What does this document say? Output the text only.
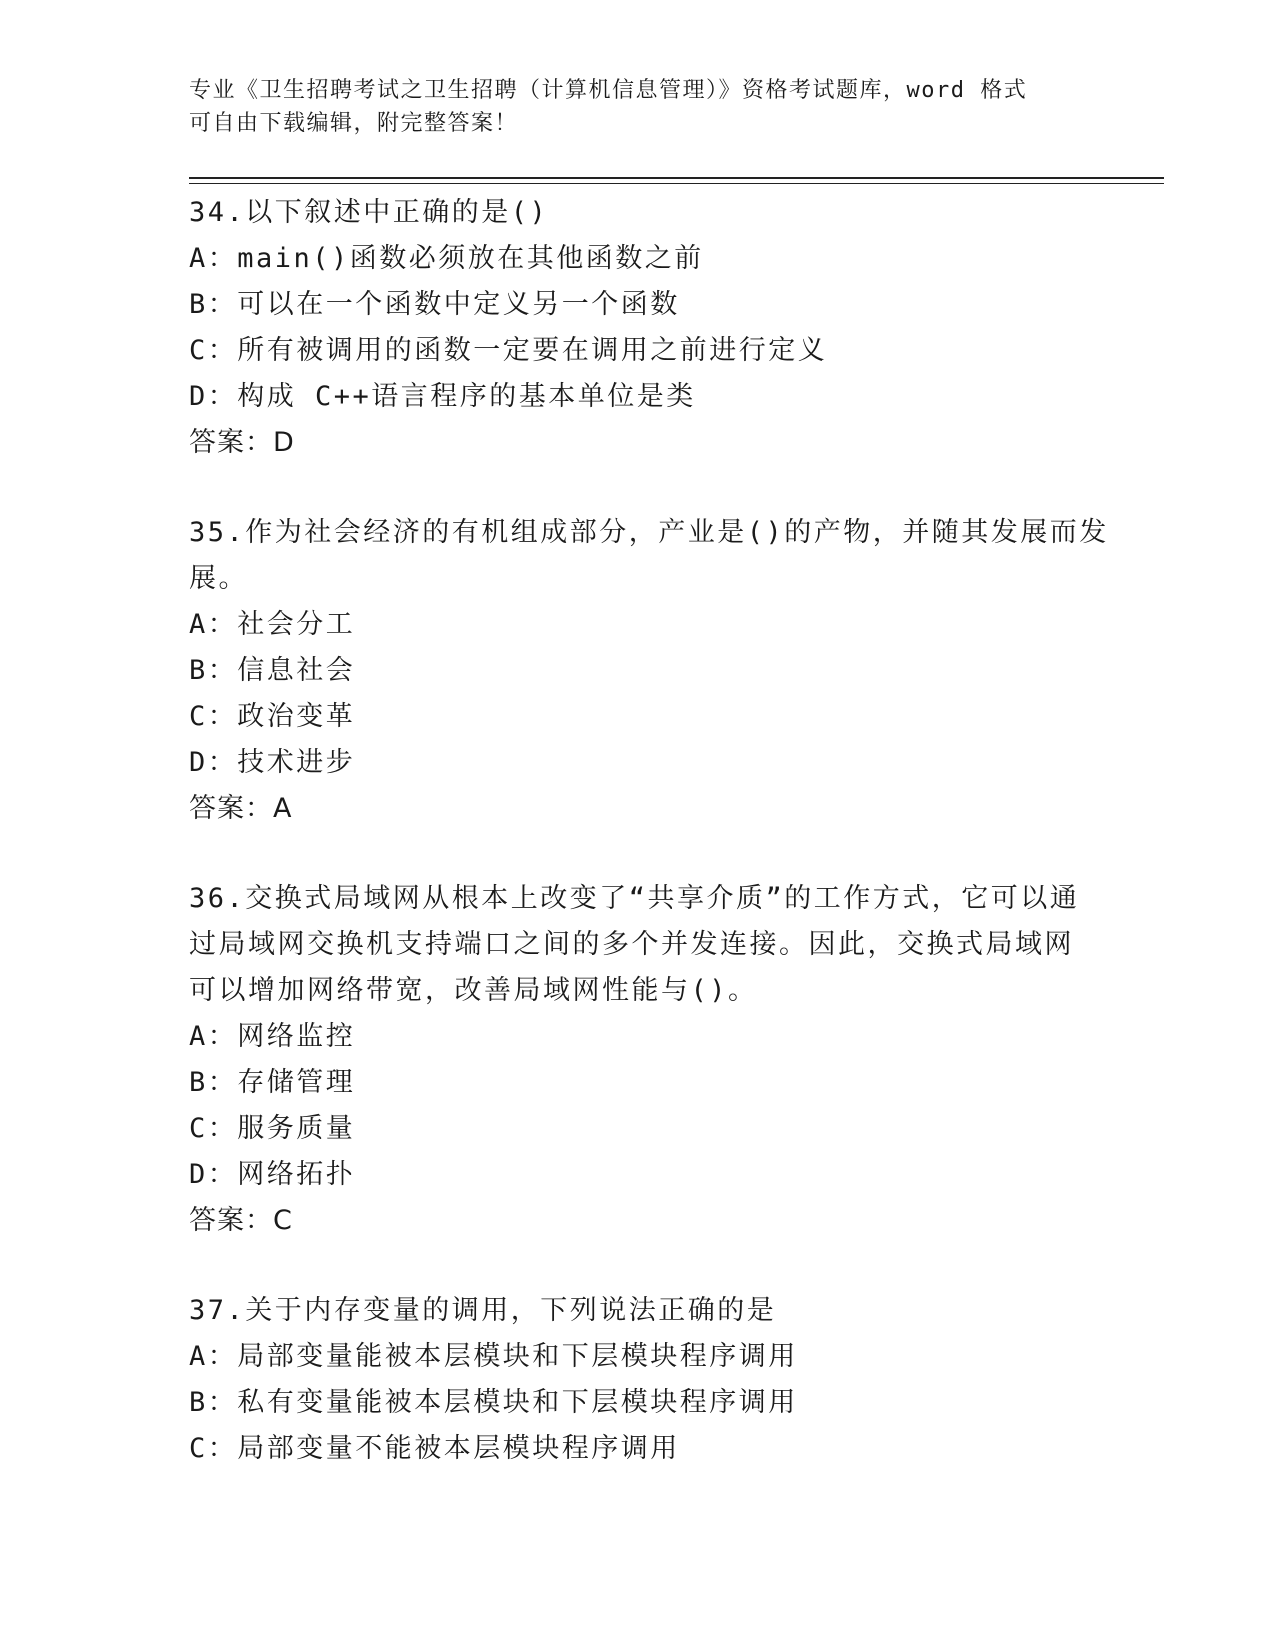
专业《卫生招聘考试之卫生招聘（计算机信息管理）》资格考试题库，word 格式
可自由下载编辑，附完整答案！
34.以下叙述中正确的是()
A：main()函数必须放在其他函数之前
B：可以在一个函数中定义另一个函数
C：所有被调用的函数一定要在调用之前进行定义
D：构成 C++语言程序的基本单位是类
答案：D
35.作为社会经济的有机组成部分，产业是()的产物，并随其发展而发
展。
A：社会分工
B：信息社会
C：政治变革
D：技术进步
答案：A
36.交换式局域网从根本上改变了“共享介质”的工作方式，它可以通
过局域网交换机支持端口之间的多个并发连接。因此，交换式局域网
可以增加网络带宽，改善局域网性能与()。
A：网络监控
B：存储管理
C：服务质量
D：网络拓扑
答案：C
37.关于内存变量的调用，下列说法正确的是
A：局部变量能被本层模块和下层模块程序调用
B：私有变量能被本层模块和下层模块程序调用
C：局部变量不能被本层模块程序调用
